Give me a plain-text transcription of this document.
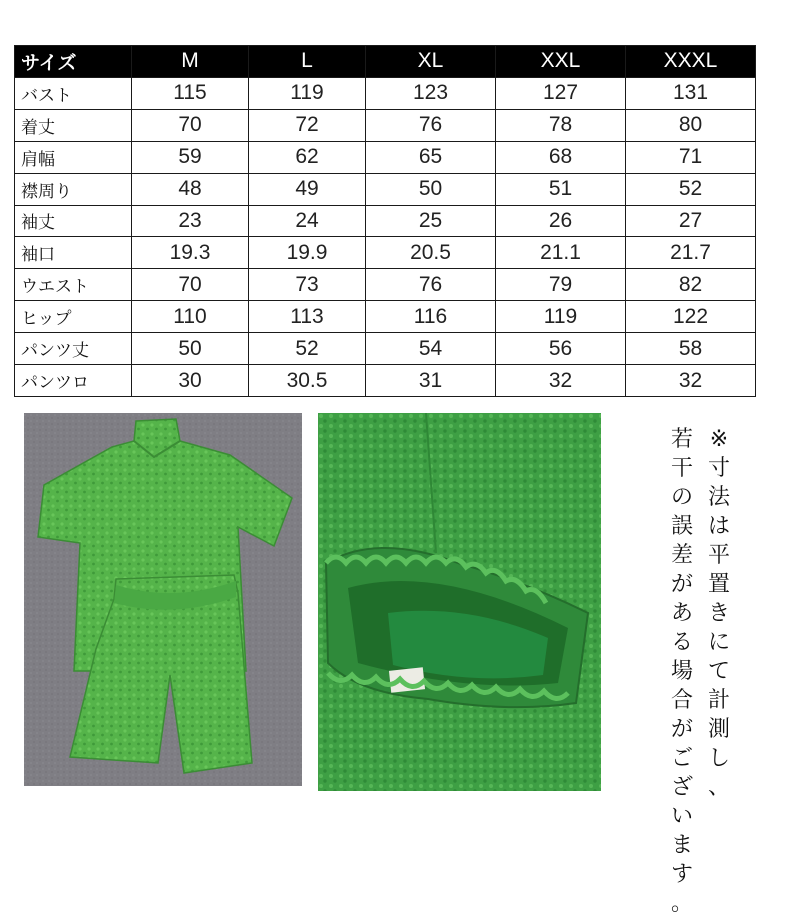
サイズ	M	L	XL	XXL	XXXL
バスト	115	119	123	127	131
着丈	70	72	76	78	80
肩幅	59	62	65	68	71
襟周り	48	49	50	51	52
袖丈	23	24	25	26	27
袖口	19.3	19.9	20.5	21.1	21.7
ウエスト	70	73	76	79	82
ヒップ	110	113	116	119	122
パンツ丈	50	52	54	56	58
パンツロ	30	30.5	31	32	32
※
寸
法
は
平
置
き
に
て
計
測
し
、
若
干
の
誤
差
が
あ
る
場
合
が
ご
ざ
い
ま
す
。
